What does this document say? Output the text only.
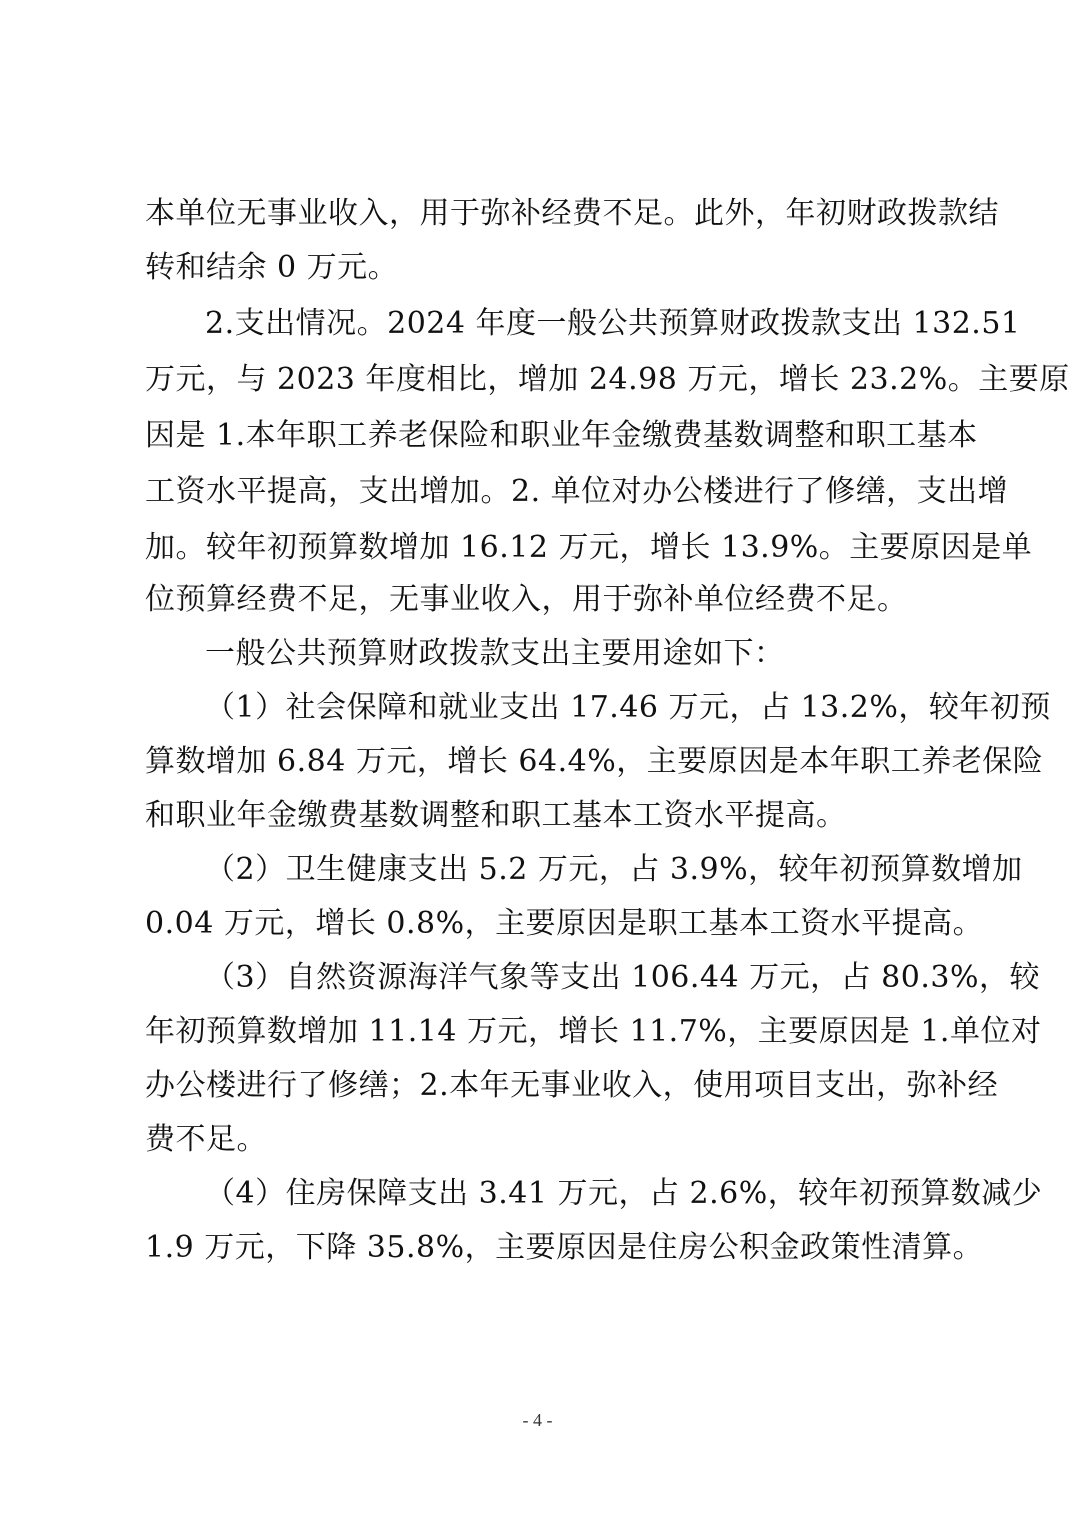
本单位无事业收入，用于弥补经费不足。此外，年初财政拨款结
转和结余 0 万元。
2.支出情况。2024 年度一般公共预算财政拨款支出 132.51
万元，与 2023 年度相比，增加 24.98 万元，增长 23.2%。主要原
因是 1.本年职工养老保险和职业年金缴费基数调整和职工基本
工资水平提高，支出增加。2. 单位对办公楼进行了修缮，支出增
加。较年初预算数增加 16.12 万元，增长 13.9%。主要原因是单
位预算经费不足，无事业收入，用于弥补单位经费不足。
一般公共预算财政拨款支出主要用途如下：
（1）社会保障和就业支出 17.46 万元，占 13.2%，较年初预
算数增加 6.84 万元，增长 64.4%，主要原因是本年职工养老保险
和职业年金缴费基数调整和职工基本工资水平提高。
（2）卫生健康支出 5.2 万元，占 3.9%，较年初预算数增加
0.04 万元，增长 0.8%，主要原因是职工基本工资水平提高。
（3）自然资源海洋气象等支出 106.44 万元，占 80.3%，较
年初预算数增加 11.14 万元，增长 11.7%，主要原因是 1.单位对
办公楼进行了修缮；2.本年无事业收入，使用项目支出，弥补经
费不足。
（4）住房保障支出 3.41 万元，占 2.6%，较年初预算数减少
1.9 万元，下降 35.8%，主要原因是住房公积金政策性清算。
- 4 -
